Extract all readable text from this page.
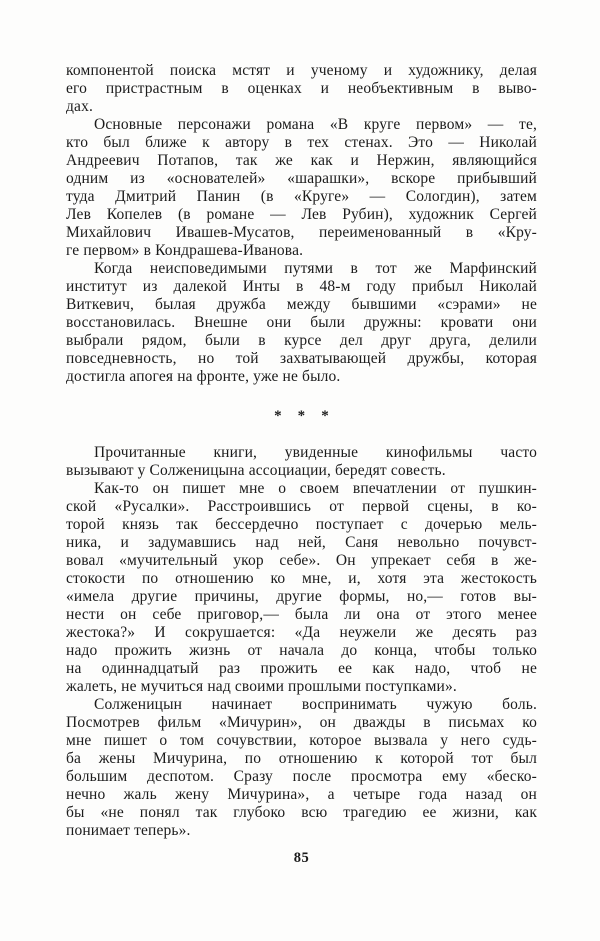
компонентой поиска мстят и ученому и художнику, делая
его пристрастным в оценках и необъективным в выво-
дах.
Основные персонажи романа «В круге первом» — те,
кто был ближе к автору в тех стенах. Это — Николай
Андреевич Потапов, так же как и Нержин, являющийся
одним из «основателей» «шарашки», вскоре прибывший
туда Дмитрий Панин (в «Круге» — Сологдин), затем
Лев Копелев (в романе — Лев Рубин), художник Сергей
Михайлович Ивашев-Мусатов, переименованный в «Кру-
ге первом» в Кондрашева-Иванова.
Когда неисповедимыми путями в тот же Марфинский
институт из далекой Инты в 48-м году прибыл Николай
Виткевич, былая дружба между бывшими «сэрами» не
восстановилась. Внешне они были дружны: кровати они
выбрали рядом, были в курсе дел друг друга, делили
повседневность, но той захватывающей дружбы, которая
достигла апогея на фронте, уже не было.
* * *
Прочитанные книги, увиденные кинофильмы часто
вызывают у Солженицына ассоциации, бередят совесть.
Как-то он пишет мне о своем впечатлении от пушкин-
ской «Русалки». Расстроившись от первой сцены, в ко-
торой князь так бессердечно поступает с дочерью мель-
ника, и задумавшись над ней, Саня невольно почувст-
вовал «мучительный укор себе». Он упрекает себя в же-
стокости по отношению ко мне, и, хотя эта жестокость
«имела другие причины, другие формы, но,— готов вы-
нести он себе приговор,— была ли она от этого менее
жестока?» И сокрушается: «Да неужели же десять раз
надо прожить жизнь от начала до конца, чтобы только
на одиннадцатый раз прожить ее как надо, чтоб не
жалеть, не мучиться над своими прошлыми поступками».
Солженицын начинает воспринимать чужую боль.
Посмотрев фильм «Мичурин», он дважды в письмах ко
мне пишет о том сочувствии, которое вызвала у него судь-
ба жены Мичурина, по отношению к которой тот был
большим деспотом. Сразу после просмотра ему «беско-
нечно жаль жену Мичурина», а четыре года назад он
бы «не понял так глубоко всю трагедию ее жизни, как
понимает теперь».
85
